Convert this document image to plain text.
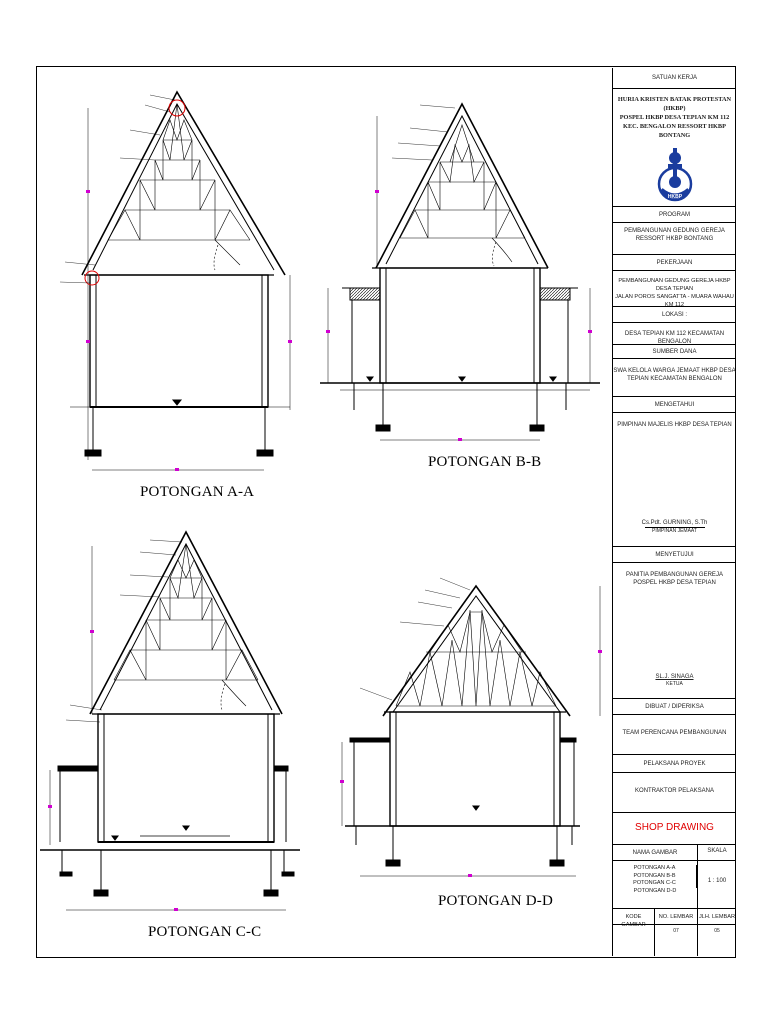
POTONGAN A-A
POTONGAN B-B
POTONGAN C-C
POTONGAN D-D
SATUAN KERJA
HURIA KRISTEN BATAK PROTESTAN (HKBP)
POSPEL HKBP DESA TEPIAN KM 112
KEC. BENGALON RESSORT HKBP BONTANG
HKBP
PROGRAM
PEMBANGUNAN GEDUNG GEREJA
RESSORT HKBP BONTANG
PEKERJAAN
PEMBANGUNAN GEDUNG GEREJA HKBP DESA TEPIAN
JALAN POROS SANGATTA - MUARA WAHAU KM 112
LOKASI :
DESA TEPIAN KM 112 KECAMATAN BENGALON
SUMBER DANA
SWA KELOLA WARGA JEMAAT HKBP DESA
TEPIAN KECAMATAN BENGALON
MENGETAHUI
PIMPINAN MAJELIS HKBP DESA TEPIAN
Cs.Pdt. GURNING, S.Th
PIMPINAN JEMAAT
MENYETUJUI
PANITIA PEMBANGUNAN GEREJA
POSPEL HKBP DESA TEPIAN
SL.J. SINAGA
KETUA
DIBUAT / DIPERIKSA
TEAM PERENCANA PEMBANGUNAN
PELAKSANA PROYEK
KONTRAKTOR PELAKSANA
SHOP DRAWING
NAMA GAMBAR	SKALA
POTONGAN A-A
POTONGAN B-B
POTONGAN C-C
POTONGAN D-D
1 : 100
KODE GAMBAR
NO. LEMBAR	JLH. LEMBAR
07	05
